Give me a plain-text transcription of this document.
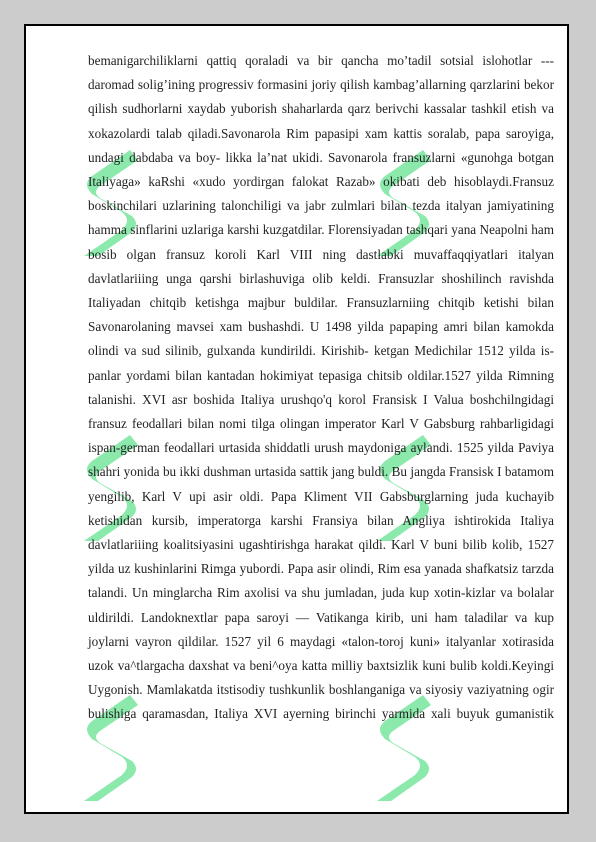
bemanigarchiliklarni qattiq qoraladi va bir qancha mo’tadil sotsial islohotlar --- daromad solig’ining progressiv formasini joriy qilish kambag’allarning qarzlarini bekor qilish sudhorlarni xaydab yuborish shaharlarda qarz berivchi kassalar tashkil etish va xokazolardi talab qiladi.Savonarola Rim papasipi xam kattis soralab, papa saroyiga, undagi dabdaba va boy- likka la’nat ukidi. Savonarola fransuzlarni «gunohga botgan Italiyaga» kaRshi «xudo yordirgan falokat Razab» okibati deb hisoblaydi.Fransuz boskinchilari uzlarining talonchiligi va jabr zulmlari bilan tezda italyan jamiyatining hamma sinflarini uzlariga karshi kuzgatdilar. Florensiyadan tashqari yana Neapolni ham bosib olgan fransuz koroli Karl VIII ning dastlabki muvaffaqqiyatlari italyan davlatlariiing unga qarshi birlashuviga olib keldi. Fransuzlar shoshilinch ravishda Italiyadan chitqib ketishga majbur buldilar. Fransuzlarniing chitqib ketishi bilan Savonarolaning mavsei xam bushashdi. U 1498 yilda papaping amri bilan kamokda olindi va sud silinib, gulxanda kundirildi. Kirishib- ketgan Medichilar 1512 yilda is- panlar yordami bilan kantadan hokimiyat tepasiga chitsib oldilar.1527 yilda Rimning talanishi. XVI asr boshida Italiya urushqo'q korol Fransisk I Valua boshchilngidagi fransuz feodallari bilan nomi tilga olingan imperator Karl V Gabsburg rahbarligidagi ispan-german feodallari urtasida shiddatli urush maydoniga aylandi. 1525 yilda Paviya shahri yonida bu ikki dushman urtasida sattik jang buldi. Bu jangda Fransisk I batamom yengilib, Karl V upi asir oldi. Papa Kliment VII Gabsburglarning juda kuchayib ketishidan kursib, imperatorga karshi Fransiya bilan Angliya ishtirokida Italiya davlatlariiing koalitsiyasini ugashtirishga harakat qildi. Karl V buni bilib kolib, 1527 yilda uz kushinlarini Rimga yubordi. Papa asir olindi, Rim esa yanada shafkatsiz tarzda talandi. Un minglarcha Rim axolisi va shu jumladan, juda kup xotin-kizlar va bolalar uldirildi. Landoknextlar papa saroyi — Vatikanga kirib, uni ham taladilar va kup joylarni vayron qildilar. 1527 yil 6 maydagi «talon-toroj kuni» italyanlar xotirasida uzok va^tlargacha daxshat va beni^oya katta milliy baxtsizlik kuni bulib koldi.Keyingi Uygonish. Mamlakatda itstisodiy tushkunlik boshlanganiga va siyosiy vaziyatning ogir bulishiga qaramasdan, Italiya XVI ayerning birinchi yarmida xali buyuk gumanistik
